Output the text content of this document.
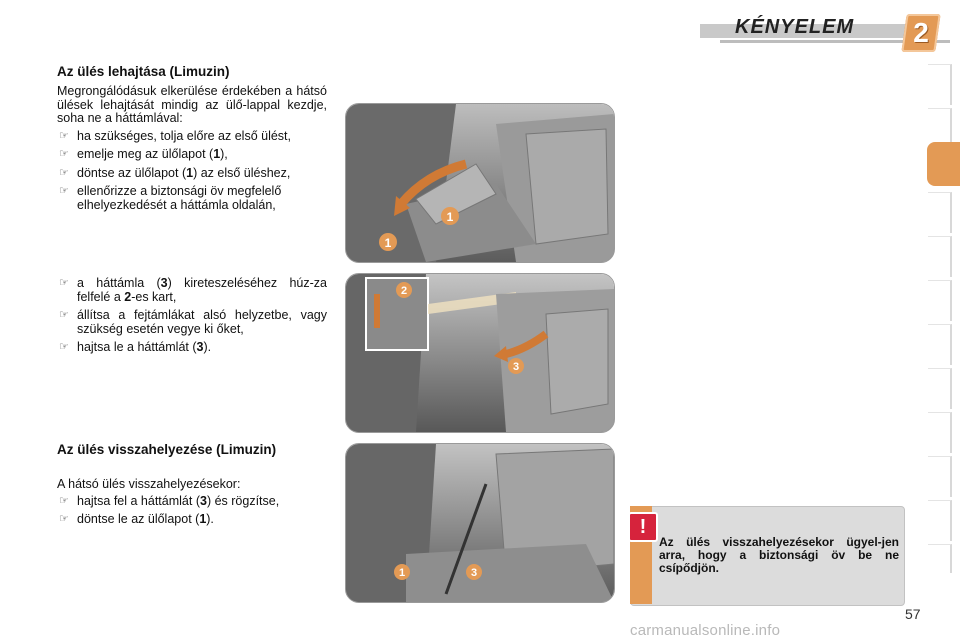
KÉNYELEM	2
Az ülés lehajtása (Limuzin)

Megrongálódásuk elkerülése érdekében a hátsó ülések lehajtását mindig az ülő-lappal kezdje, soha ne a háttámlával:

☞ ha szükséges, tolja előre az első ülést,
☞ emelje meg az ülőlapot (1),
☞ döntse az ülőlapot (1) az első üléshez,
☞ ellenőrizze a biztonsági öv megfelelő elhelyezkedését a háttámla oldalán,
☞ a háttámla (3) kireteszeléséhez húz-za felfelé a 2-es kart,
☞ állítsa a fejtámlákat alsó helyzetbe, vagy szükség esetén vegye ki őket,
☞ hajtsa le a háttámlát (3).
Az ülés visszahelyezése (Limuzin)

A hátsó ülés visszahelyezésekor:

☞ hajtsa fel a háttámlát (3) és rögzítse,
☞ döntse le az ülőlapot (1).
1
1
2
3
1	3
!
Az ülés visszahelyezésekor ügyel-jen arra, hogy a biztonsági öv be ne csípődjön.
57
carmanualsonline.info
